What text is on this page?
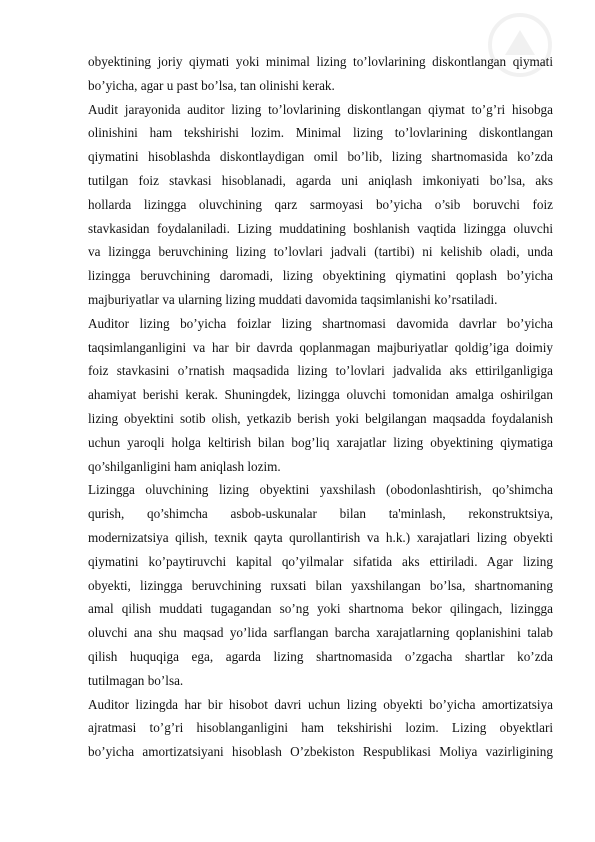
obyektining joriy qiymati yoki minimal lizing to’lovlarining diskontlangan qiymati
bo’yicha, agar u past bo’lsa, tan olinishi kerak.
Audit jarayonida auditor lizing to’lovlarining diskontlangan qiymat to’g’ri hisobga
olinishini ham tekshirishi lozim. Minimal lizing to’lovlarining diskontlangan
qiymatini hisoblashda diskontlaydigan omil bo’lib, lizing shartnomasida ko’zda
tutilgan foiz stavkasi hisoblanadi, agarda uni aniqlash imkoniyati bo’lsa, aks
hollarda lizingga oluvchining qarz sarmoyasi bo’yicha o’sib boruvchi foiz
stavkasidan foydalaniladi. Lizing muddatining boshlanish vaqtida lizingga oluvchi
va lizingga beruvchining lizing to’lovlari jadvali (tartibi) ni kelishib oladi, unda
lizingga beruvchining daromadi, lizing obyektining qiymatini qoplash bo’yicha
majburiyatlar va ularning lizing muddati davomida taqsimlanishi ko’rsatiladi.
Auditor lizing bo’yicha foizlar lizing shartnomasi davomida davrlar bo’yicha
taqsimlanganligini va har bir davrda qoplanmagan majburiyatlar qoldig’iga doimiy
foiz stavkasini o’rnatish maqsadida lizing to’lovlari jadvalida aks ettirilganligiga
ahamiyat berishi kerak. Shuningdek, lizingga oluvchi tomonidan amalga oshirilgan
lizing obyektini sotib olish, yetkazib berish yoki belgilangan maqsadda foydalanish
uchun yaroqli holga keltirish bilan bog’liq xarajatlar lizing obyektining qiymatiga
qo’shilganligini ham aniqlash lozim.
Lizingga oluvchining lizing obyektini yaxshilash (obodonlashtirish, qo’shimcha
qurish, qo’shimcha asbob-uskunalar bilan ta'minlash, rekonstruktsiya,
modernizatsiya qilish, texnik qayta qurollantirish va h.k.) xarajatlari lizing obyekti
qiymatini ko’paytiruvchi kapital qo’yilmalar sifatida aks ettiriladi. Agar lizing
obyekti, lizingga beruvchining ruxsati bilan yaxshilangan bo’lsa, shartnomaning
amal qilish muddati tugagandan so’ng yoki shartnoma bekor qilingach, lizingga
oluvchi ana shu maqsad yo’lida sarflangan barcha xarajatlarning qoplanishini talab
qilish huquqiga ega, agarda lizing shartnomasida o’zgacha shartlar ko’zda
tutilmagan bo’lsa.
Auditor lizingda har bir hisobot davri uchun lizing obyekti bo’yicha amortizatsiya
ajratmasi to’g’ri hisoblanganligini ham tekshirishi lozim. Lizing obyektlari
bo’yicha amortizatsiyani hisoblash O’zbekiston Respublikasi Moliya vazirligining
